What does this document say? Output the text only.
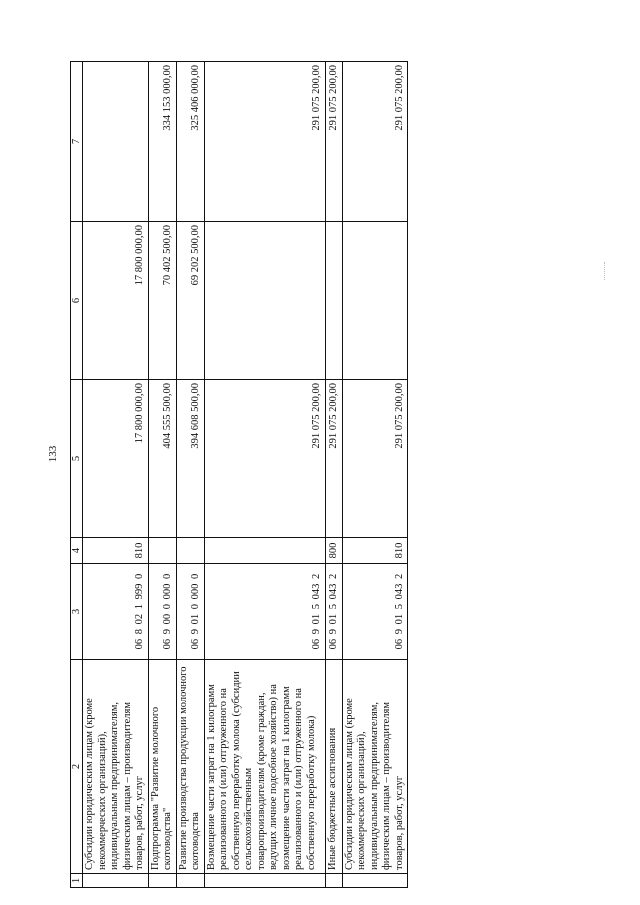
133
1	2	3	4	5	6	7
	Субсидии юридическим лицам (кроме некоммерческих организаций), индивидуальным предпринимателям, физическим лицам – производителям товаров, работ, услуг	06 8 02 1 999 0	810	17 800 000,00	17 800 000,00	
	Подпрограмма "Развитие молочного скотоводства"	06 9 00 0 000 0		404 555 500,00	70 402 500,00	334 153 000,00
	Развитие производства продукции молочного скотоводства	06 9 01 0 000 0		394 608 500,00	69 202 500,00	325 406 000,00
	Возмещение части затрат на 1 килограмм реализованного и (или) отгруженного на собственную переработку молока (субсидии сельскохозяйственным товаропроизводителям (кроме граждан, ведущих личное подсобное хозяйство) на возмещение части затрат на 1 килограмм реализованного и (или) отгруженного на собственную переработку молока)	06 9 01 5 043 2		291 075 200,00		291 075 200,00
	Иные бюджетные ассигнования	06 9 01 5 043 2	800	291 075 200,00		291 075 200,00
	Субсидии юридическим лицам (кроме некоммерческих организаций), индивидуальным предпринимателям, физическим лицам – производителям товаров, работ, услуг	06 9 01 5 043 2	810	291 075 200,00		291 075 200,00
